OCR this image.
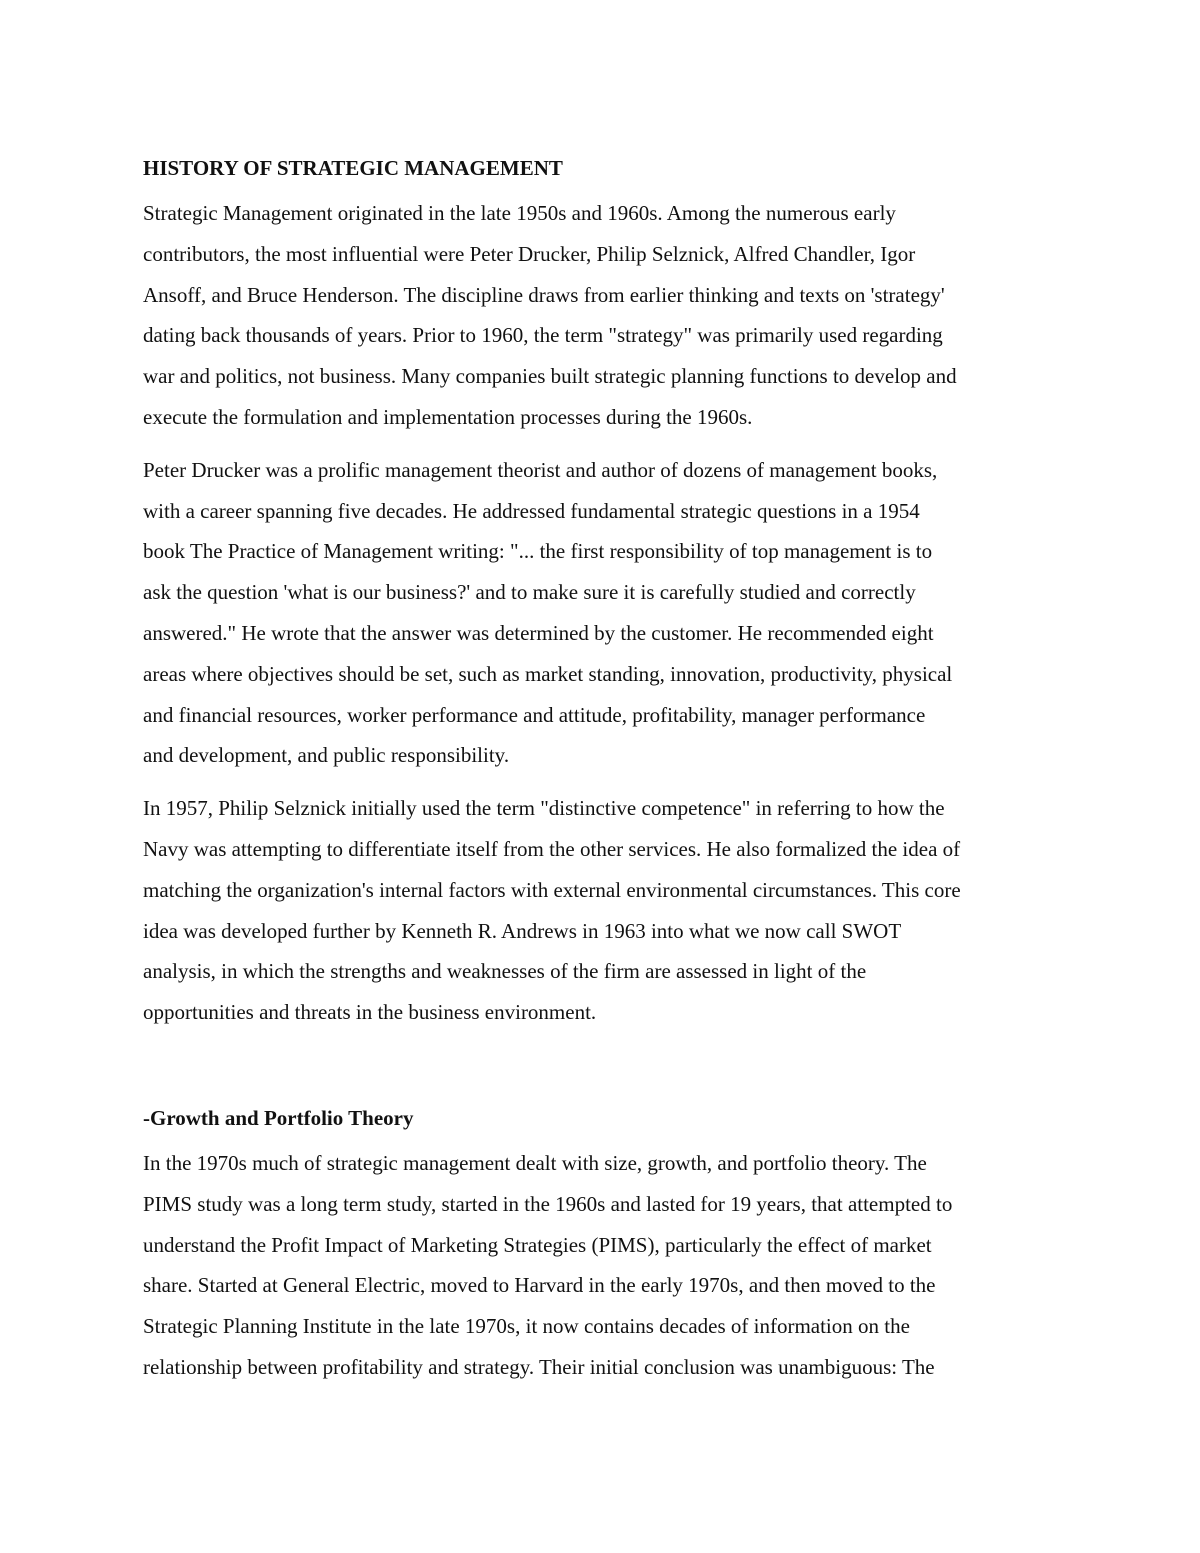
HISTORY OF STRATEGIC MANAGEMENT
Strategic Management originated in the late 1950s and 1960s. Among the numerous early
contributors, the most influential were Peter Drucker, Philip Selznick, Alfred Chandler, Igor
Ansoff, and Bruce Henderson. The discipline draws from earlier thinking and texts on 'strategy'
dating back thousands of years. Prior to 1960, the term "strategy" was primarily used regarding
war and politics, not business. Many companies built strategic planning functions to develop and
execute the formulation and implementation processes during the 1960s.
Peter Drucker was a prolific management theorist and author of dozens of management books,
with a career spanning five decades. He addressed fundamental strategic questions in a 1954
book The Practice of Management writing: "... the first responsibility of top management is to
ask the question 'what is our business?' and to make sure it is carefully studied and correctly
answered." He wrote that the answer was determined by the customer. He recommended eight
areas where objectives should be set, such as market standing, innovation, productivity, physical
and financial resources, worker performance and attitude, profitability, manager performance
and development, and public responsibility.
In 1957, Philip Selznick initially used the term "distinctive competence" in referring to how the
Navy was attempting to differentiate itself from the other services. He also formalized the idea of
matching the organization's internal factors with external environmental circumstances. This core
idea was developed further by Kenneth R. Andrews in 1963 into what we now call SWOT
analysis, in which the strengths and weaknesses of the firm are assessed in light of the
opportunities and threats in the business environment.
-Growth and Portfolio Theory
In the 1970s much of strategic management dealt with size, growth, and portfolio theory. The
PIMS study was a long term study, started in the 1960s and lasted for 19 years, that attempted to
understand the Profit Impact of Marketing Strategies (PIMS), particularly the effect of market
share. Started at General Electric, moved to Harvard in the early 1970s, and then moved to the
Strategic Planning Institute in the late 1970s, it now contains decades of information on the
relationship between profitability and strategy. Their initial conclusion was unambiguous: The
